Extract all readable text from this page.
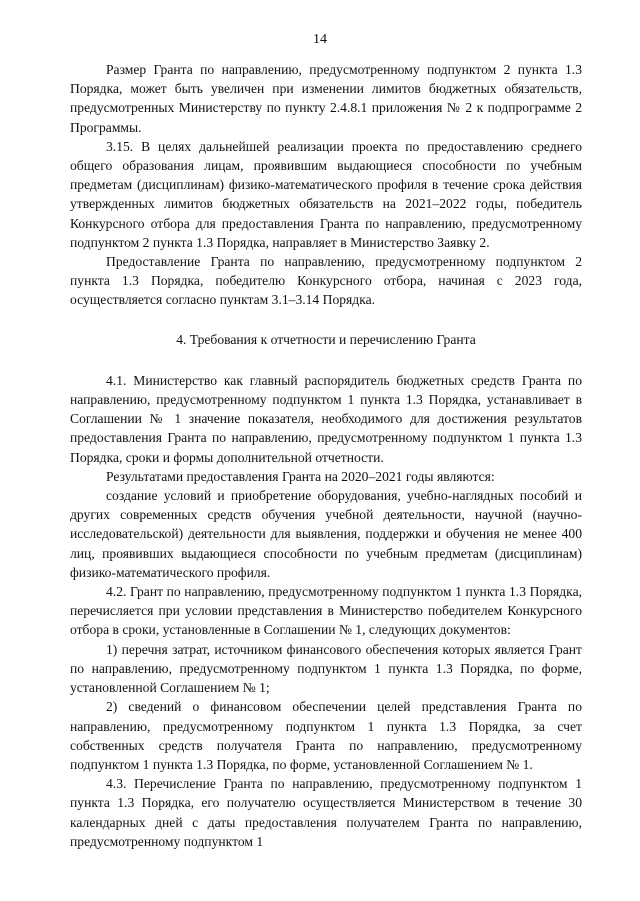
14

Размер Гранта по направлению, предусмотренному подпунктом 2 пункта 1.3 Порядка, может быть увеличен при изменении лимитов бюджетных обязательств, предусмотренных Министерству по пункту 2.4.8.1 приложения № 2 к подпрограмме 2 Программы.

3.15. В целях дальнейшей реализации проекта по предоставлению среднего общего образования лицам, проявившим выдающиеся способности по учебным предметам (дисциплинам) физико-математического профиля в течение срока действия утвержденных лимитов бюджетных обязательств на 2021–2022 годы, победитель Конкурсного отбора для предоставления Гранта по направлению, предусмотренному подпунктом 2 пункта 1.3 Порядка, направляет в Министерство Заявку 2.

Предоставление Гранта по направлению, предусмотренному подпунктом 2 пункта 1.3 Порядка, победителю Конкурсного отбора, начиная с 2023 года, осуществляется согласно пунктам 3.1–3.14 Порядка.

4. Требования к отчетности и перечислению Гранта

4.1. Министерство как главный распорядитель бюджетных средств Гранта по направлению, предусмотренному подпунктом 1 пункта 1.3 Порядка, устанавливает в Соглашении № 1 значение показателя, необходимого для достижения результатов предоставления Гранта по направлению, предусмотренному подпунктом 1 пункта 1.3 Порядка, сроки и формы дополнительной отчетности.

Результатами предоставления Гранта на 2020–2021 годы являются:

создание условий и приобретение оборудования, учебно-наглядных пособий и других современных средств обучения учебной деятельности, научной (научно-исследовательской) деятельности для выявления, поддержки и обучения не менее 400 лиц, проявивших выдающиеся способности по учебным предметам (дисциплинам) физико-математического профиля.

4.2. Грант по направлению, предусмотренному подпунктом 1 пункта 1.3 Порядка, перечисляется при условии представления в Министерство победителем Конкурсного отбора в сроки, установленные в Соглашении № 1, следующих документов:

1) перечня затрат, источником финансового обеспечения которых является Грант по направлению, предусмотренному подпунктом 1 пункта 1.3 Порядка, по форме, установленной Соглашением № 1;

2) сведений о финансовом обеспечении целей представления Гранта по направлению, предусмотренному подпунктом 1 пункта 1.3 Порядка, за счет собственных средств получателя Гранта по направлению, предусмотренному подпунктом 1 пункта 1.3 Порядка, по форме, установленной Соглашением № 1.

4.3. Перечисление Гранта по направлению, предусмотренному подпунктом 1 пункта 1.3 Порядка, его получателю осуществляется Министерством в течение 30 календарных дней с даты предоставления получателем Гранта по направлению, предусмотренному подпунктом 1
